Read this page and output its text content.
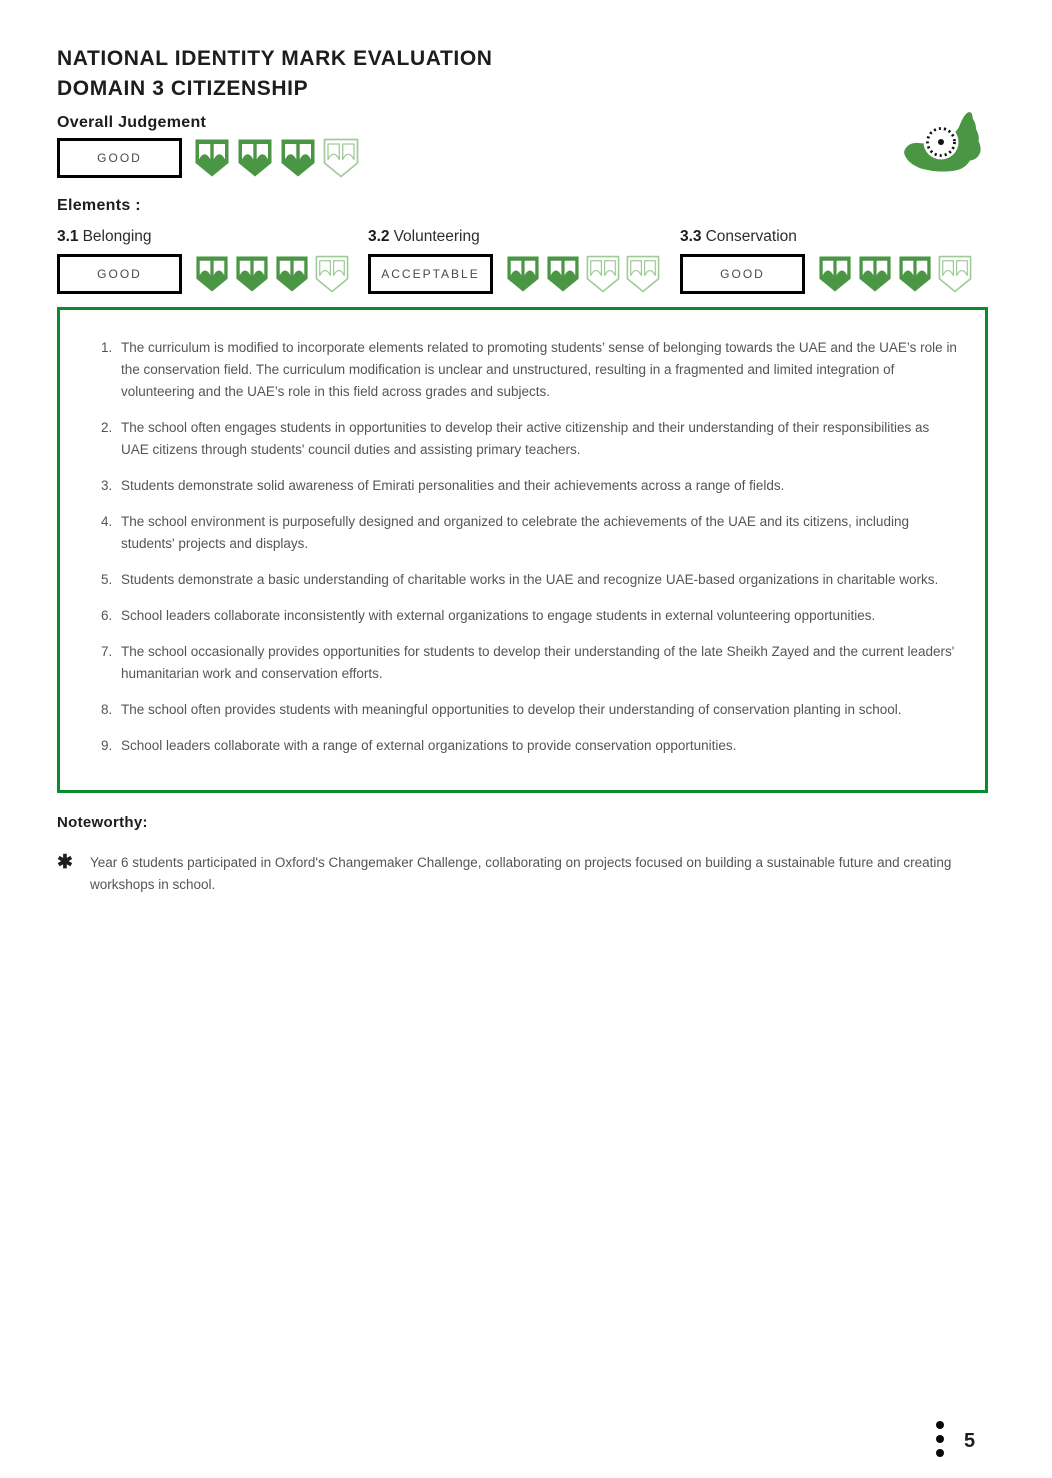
NATIONAL IDENTITY MARK EVALUATION
DOMAIN 3 CITIZENSHIP
Overall Judgement
GOOD
Elements :
3.1 Belonging
GOOD
3.2 Volunteering
ACCEPTABLE
3.3 Conservation
GOOD
1. The curriculum is modified to incorporate elements related to promoting students’ sense of belonging towards the UAE and the UAE’s role in the conservation field. The curriculum modification is unclear and unstructured, resulting in a fragmented and limited integration of volunteering and the UAE’s role in this field across grades and subjects.
2. The school often engages students in opportunities to develop their active citizenship and their understanding of their responsibilities as UAE citizens through students' council duties and assisting primary teachers.
3. Students demonstrate solid awareness of Emirati personalities and their achievements across a range of fields.
4. The school environment is purposefully designed and organized to celebrate the achievements of the UAE and its citizens, including students' projects and displays.
5. Students demonstrate a basic understanding of charitable works in the UAE and recognize UAE-based organizations in charitable works.
6. School leaders collaborate inconsistently with external organizations to engage students in external volunteering opportunities.
7. The school occasionally provides opportunities for students to develop their understanding of the late Sheikh Zayed and the current leaders' humanitarian work and conservation efforts.
8. The school often provides students with meaningful opportunities to develop their understanding of conservation planting in school.
9. School leaders collaborate with a range of external organizations to provide conservation opportunities.
Noteworthy:
✱	Year 6 students participated in Oxford's Changemaker Challenge, collaborating on projects focused on building a sustainable future and creating workshops in school.
5
